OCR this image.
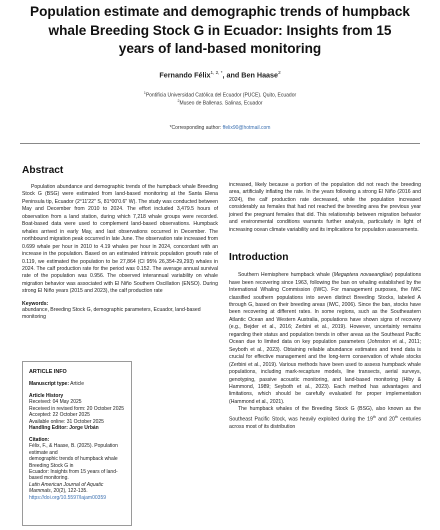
Population estimate and demographic trends of humpback whale Breeding Stock G in Ecuador: Insights from 15 years of land-based monitoring
Fernando Félix$^{1, 2, *}$, and Ben Haase$^2$
$^1$Pontificia Universidad Católica del Ecuador (PUCE). Quito, Ecuador
$^2$Museo de Ballenas. Salinas, Ecuador
*Corresponding author: ffelix90@hotmail.com
Abstract

Population abundance and demographic trends of the humpback whale Breeding Stock G (BSG) were estimated from land-based monitoring at the Santa Elena Peninsula tip, Ecuador (2°11'22" S, 81°00'0.6" W). The study was conducted between May and December from 2010 to 2024. The effort included 3,479.5 hours of observation from a land station, during which 7,218 whale groups were recorded. Boat-based data were used to complement land-based observations. Humpback whales arrived in early May, and last observations occurred in December. The northbound migration peak occurred in late June. The observation rate increased from 0.699 whale per hour in 2010 to 4.19 whales per hour in 2024, concordant with an increase in the population. Based on an estimated intrinsic population growth rate of 0.119, we estimated the population to be 27,864 (CI 95% 26,354-29,293) whales in 2024. The calf production rate for the period was 0.152. The average annual survival rate of the population was 0.956. The observed interannual variability on whale migration behavior was associated with El Niño Southern Oscillation (ENSO). During strong El Niño years (2015 and 2023), the calf production rate

Keywords:
abundance, Breeding Stock G, demographic parameters, Ecuador, land-based monitoring
ARTICLE INFO
Manuscript type: Article
Article History
Received: 04 May 2025
Received in revised form: 20 October 2025
Accepted: 22 October 2025
Available online: 31 October 2025
Handling Editor: Jorge Urbán
Citation:
Félix, F., & Haase, B. (2025). Population estimate and
demographic trends of humpback whale Breeding Stock G in
Ecuador: Insights from 15 years of land-based monitoring.
Latin American Journal of Aquatic Mammals, 20(2), 122-135. https://doi.org/10.5597/lajam00359

increased, likely because a portion of the population did not reach the breeding area, artificially inflating the rate. In the years following a strong El Niño (2016 and 2024), the calf production rate decreased, while the population increased considerably as females that had not reached the breeding area the previous year joined the pregnant females that did. This relationship between migration behavior and environmental conditions warrants further analysis, particularly in light of increasing ocean climate variability and its implications for population assessments.

Introduction

Southern Hemisphere humpback whale (Megaptera novaeangliae) populations have been recovering since 1963, following the ban on whaling established by the International Whaling Commission (IWC). For management purposes, the IWC classified southern populations into seven distinct Breeding Stocks, labeled A through G, based on their breeding areas (IWC, 2006). Since the ban, stocks have been recovering at different rates. In some regions, such as the Southeastern Atlantic Ocean and Western Australia, populations have shown signs of recovery (e.g., Bejder et al., 2016; Zerbini et al., 2019). However, uncertainty remains regarding their status and population trends in other areas as the Southeast Pacific Ocean due to limited data on key population parameters (Johnston et al., 2011; Seyboth et al., 2023). Obtaining reliable abundance estimates and trend data is crucial for effective management and the long-term conservation of whale stocks (Zerbini et al., 2019). Various methods have been used to assess humpback whale populations, including mark-recapture models, line transects, aerial surveys, genotyping, passive acoustic monitoring, and land-based monitoring (Hiby & Hammond, 1989; Seyboth et al., 2023). Each method has advantages and limitations, which should be carefully evaluated for proper implementation (Hammond et al., 2021).

The humpback whales of the Breeding Stock G (BSG), also known as the Southeast Pacific Stock, was heavily exploited during the 19th and 20th centuries across most of its distribution
